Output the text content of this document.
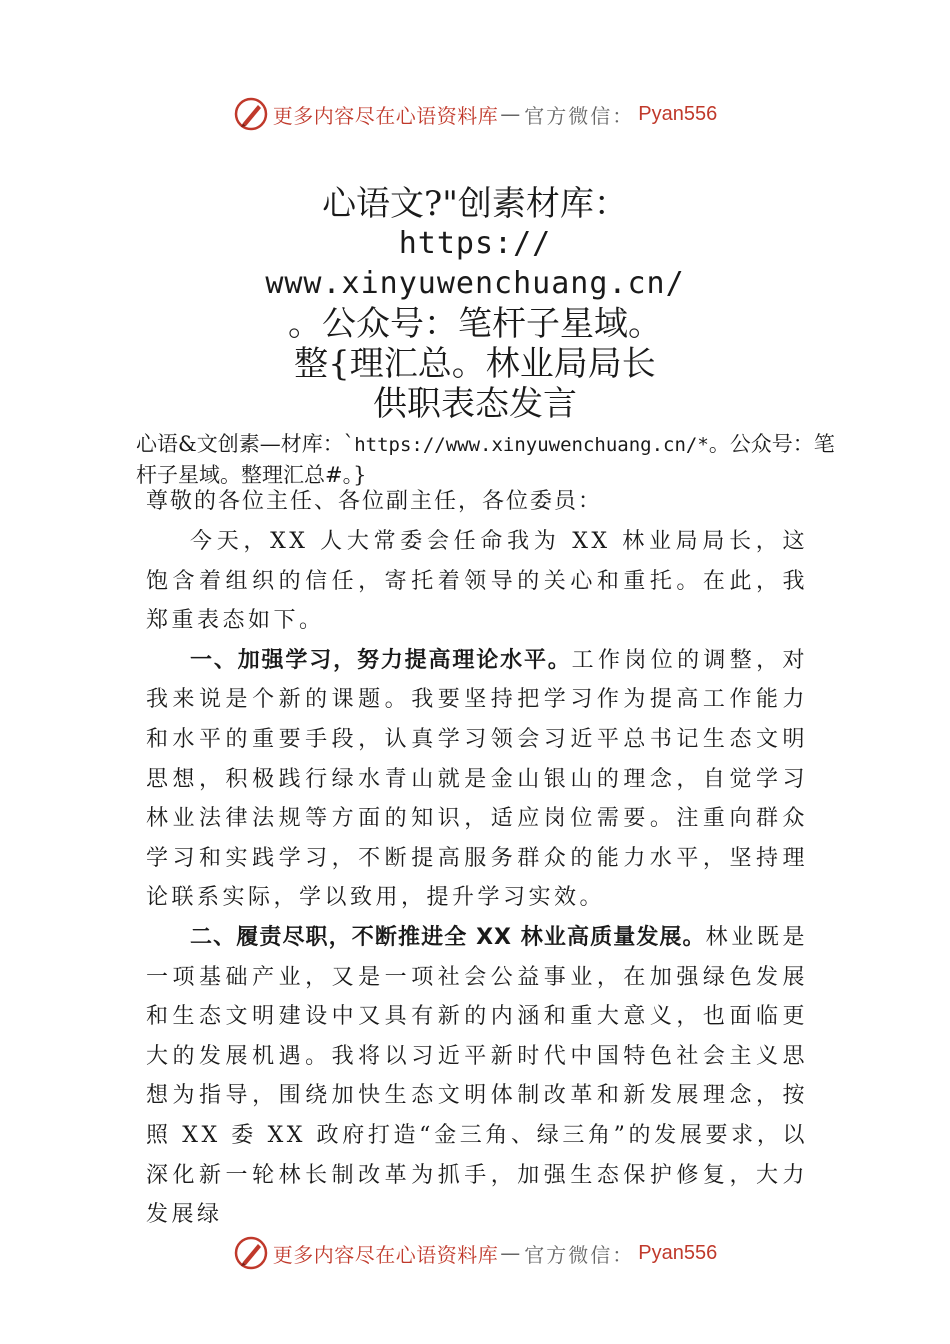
更多内容尽在心语资料库 — 官方微信： Pyan556
心语文?"创素材库：
https://
www.xinyuwenchuang.cn/
。公众号：笔杆子星域。
整{理汇总。林业局局长
供职表态发言
心语&文创素—材库：`https://www.xinyuwenchuang.cn/*。公众号：笔杆子星域。整理汇总#。}

尊敬的各位主任、各位副主任，各位委员：

今天，XX 人大常委会任命我为 XX 林业局局长，这饱含着组织的信任，寄托着领导的关心和重托。在此，我郑重表态如下。

一、加强学习，努力提高理论水平。工作岗位的调整，对我来说是个新的课题。我要坚持把学习作为提高工作能力和水平的重要手段，认真学习领会习近平总书记生态文明思想，积极践行绿水青山就是金山银山的理念，自觉学习林业法律法规等方面的知识，适应岗位需要。注重向群众学习和实践学习，不断提高服务群众的能力水平，坚持理论联系实际，学以致用，提升学习实效。

二、履责尽职，不断推进全 XX 林业高质量发展。林业既是一项基础产业，又是一项社会公益事业，在加强绿色发展和生态文明建设中又具有新的内涵和重大意义，也面临更大的发展机遇。我将以习近平新时代中国特色社会主义思想为指导，围绕加快生态文明体制改革和新发展理念，按照 XX 委 XX 政府打造“金三角、绿三角”的发展要求，以深化新一轮林长制改革为抓手，加强生态保护修复，大力发展绿

更多内容尽在心语资料库 — 官方微信： Pyan556
